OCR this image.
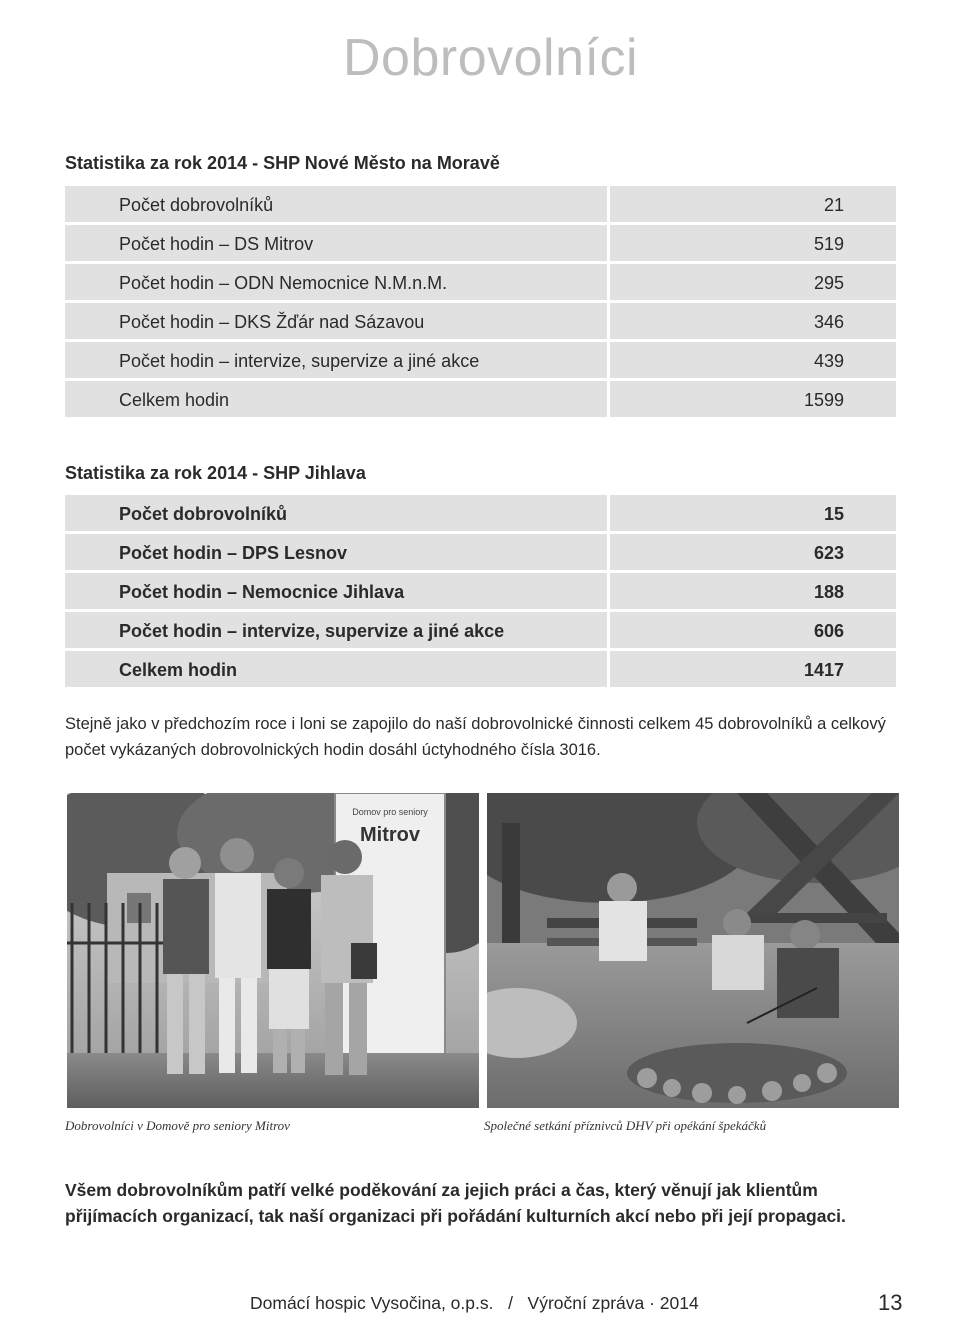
Dobrovolníci
Statistika za rok 2014 - SHP Nové Město na Moravě
Počet dobrovolníků	21
Počet hodin – DS Mitrov	519
Počet hodin – ODN Nemocnice N.M.n.M.	295
Počet hodin – DKS Žďár nad Sázavou	346
Počet hodin – intervize, supervize a jiné akce	439
Celkem hodin	1599
Statistika za rok 2014 - SHP Jihlava
Počet dobrovolníků	15
Počet hodin – DPS Lesnov	623
Počet hodin – Nemocnice Jihlava	188
Počet hodin – intervize, supervize a jiné akce	606
Celkem hodin	1417

Stejně jako v předchozím roce i loni se zapojilo do naší dobrovolnické činnosti celkem 45 dobrovolníků a celkový počet vykázaných dobrovolnických hodin dosáhl úctyhodného čísla 3016.

Domov pro seniory
Mitrov
Dobrovolníci v Domově pro seniory Mitrov	Společné setkání příznivců DHV při opékání špekáčků

Všem dobrovolníkům patří velké poděkování za jejich práci a čas, který věnují jak klientům přijímacích organizací, tak naší organizaci při pořádání kulturních akcí nebo při její propagaci.

Domácí hospic Vysočina, o.p.s.   /   Výroční zpráva · 2014	13
